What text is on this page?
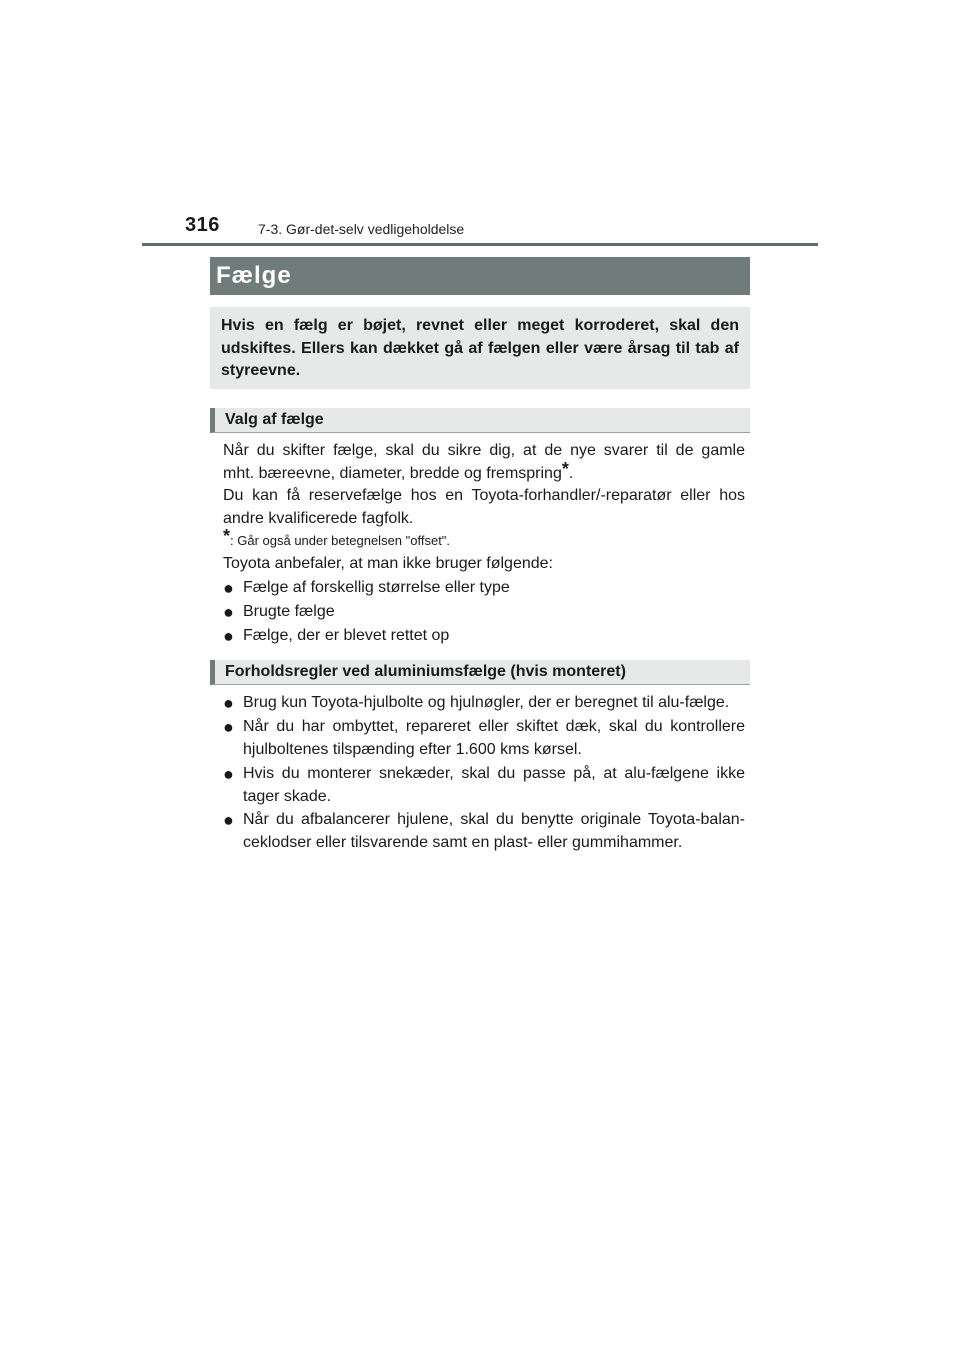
316	7-3. Gør-det-selv vedligeholdelse
Fælge
Hvis en fælg er bøjet, revnet eller meget korroderet, skal den udskiftes. Ellers kan dækket gå af fælgen eller være årsag til tab af styreevne.
Valg af fælge

Når du skifter fælge, skal du sikre dig, at de nye svarer til de gamle

mht. bæreevne, diameter, bredde og fremspring*.

Du kan få reservefælge hos en Toyota-forhandler/-reparatør eller hos andre kvalificerede fagfolk.

*: Går også under betegnelsen "offset".

Toyota anbefaler, at man ikke bruger følgende:
● Fælge af forskellig størrelse eller type
● Brugte fælge
● Fælge, der er blevet rettet op
Forholdsregler ved aluminiumsfælge (hvis monteret)
● Brug kun Toyota-hjulbolte og hjulnøgler, der er beregnet til alu-fælge.
● Når du har ombyttet, repareret eller skiftet dæk, skal du kontrollere hjulboltenes tilspænding efter 1.600 kms kørsel.
● Hvis du monterer snekæder, skal du passe på, at alu-fælgene ikke tager skade.
● Når du afbalancerer hjulene, skal du benytte originale Toyota-balan-ceklodser eller tilsvarende samt en plast- eller gummihammer.
